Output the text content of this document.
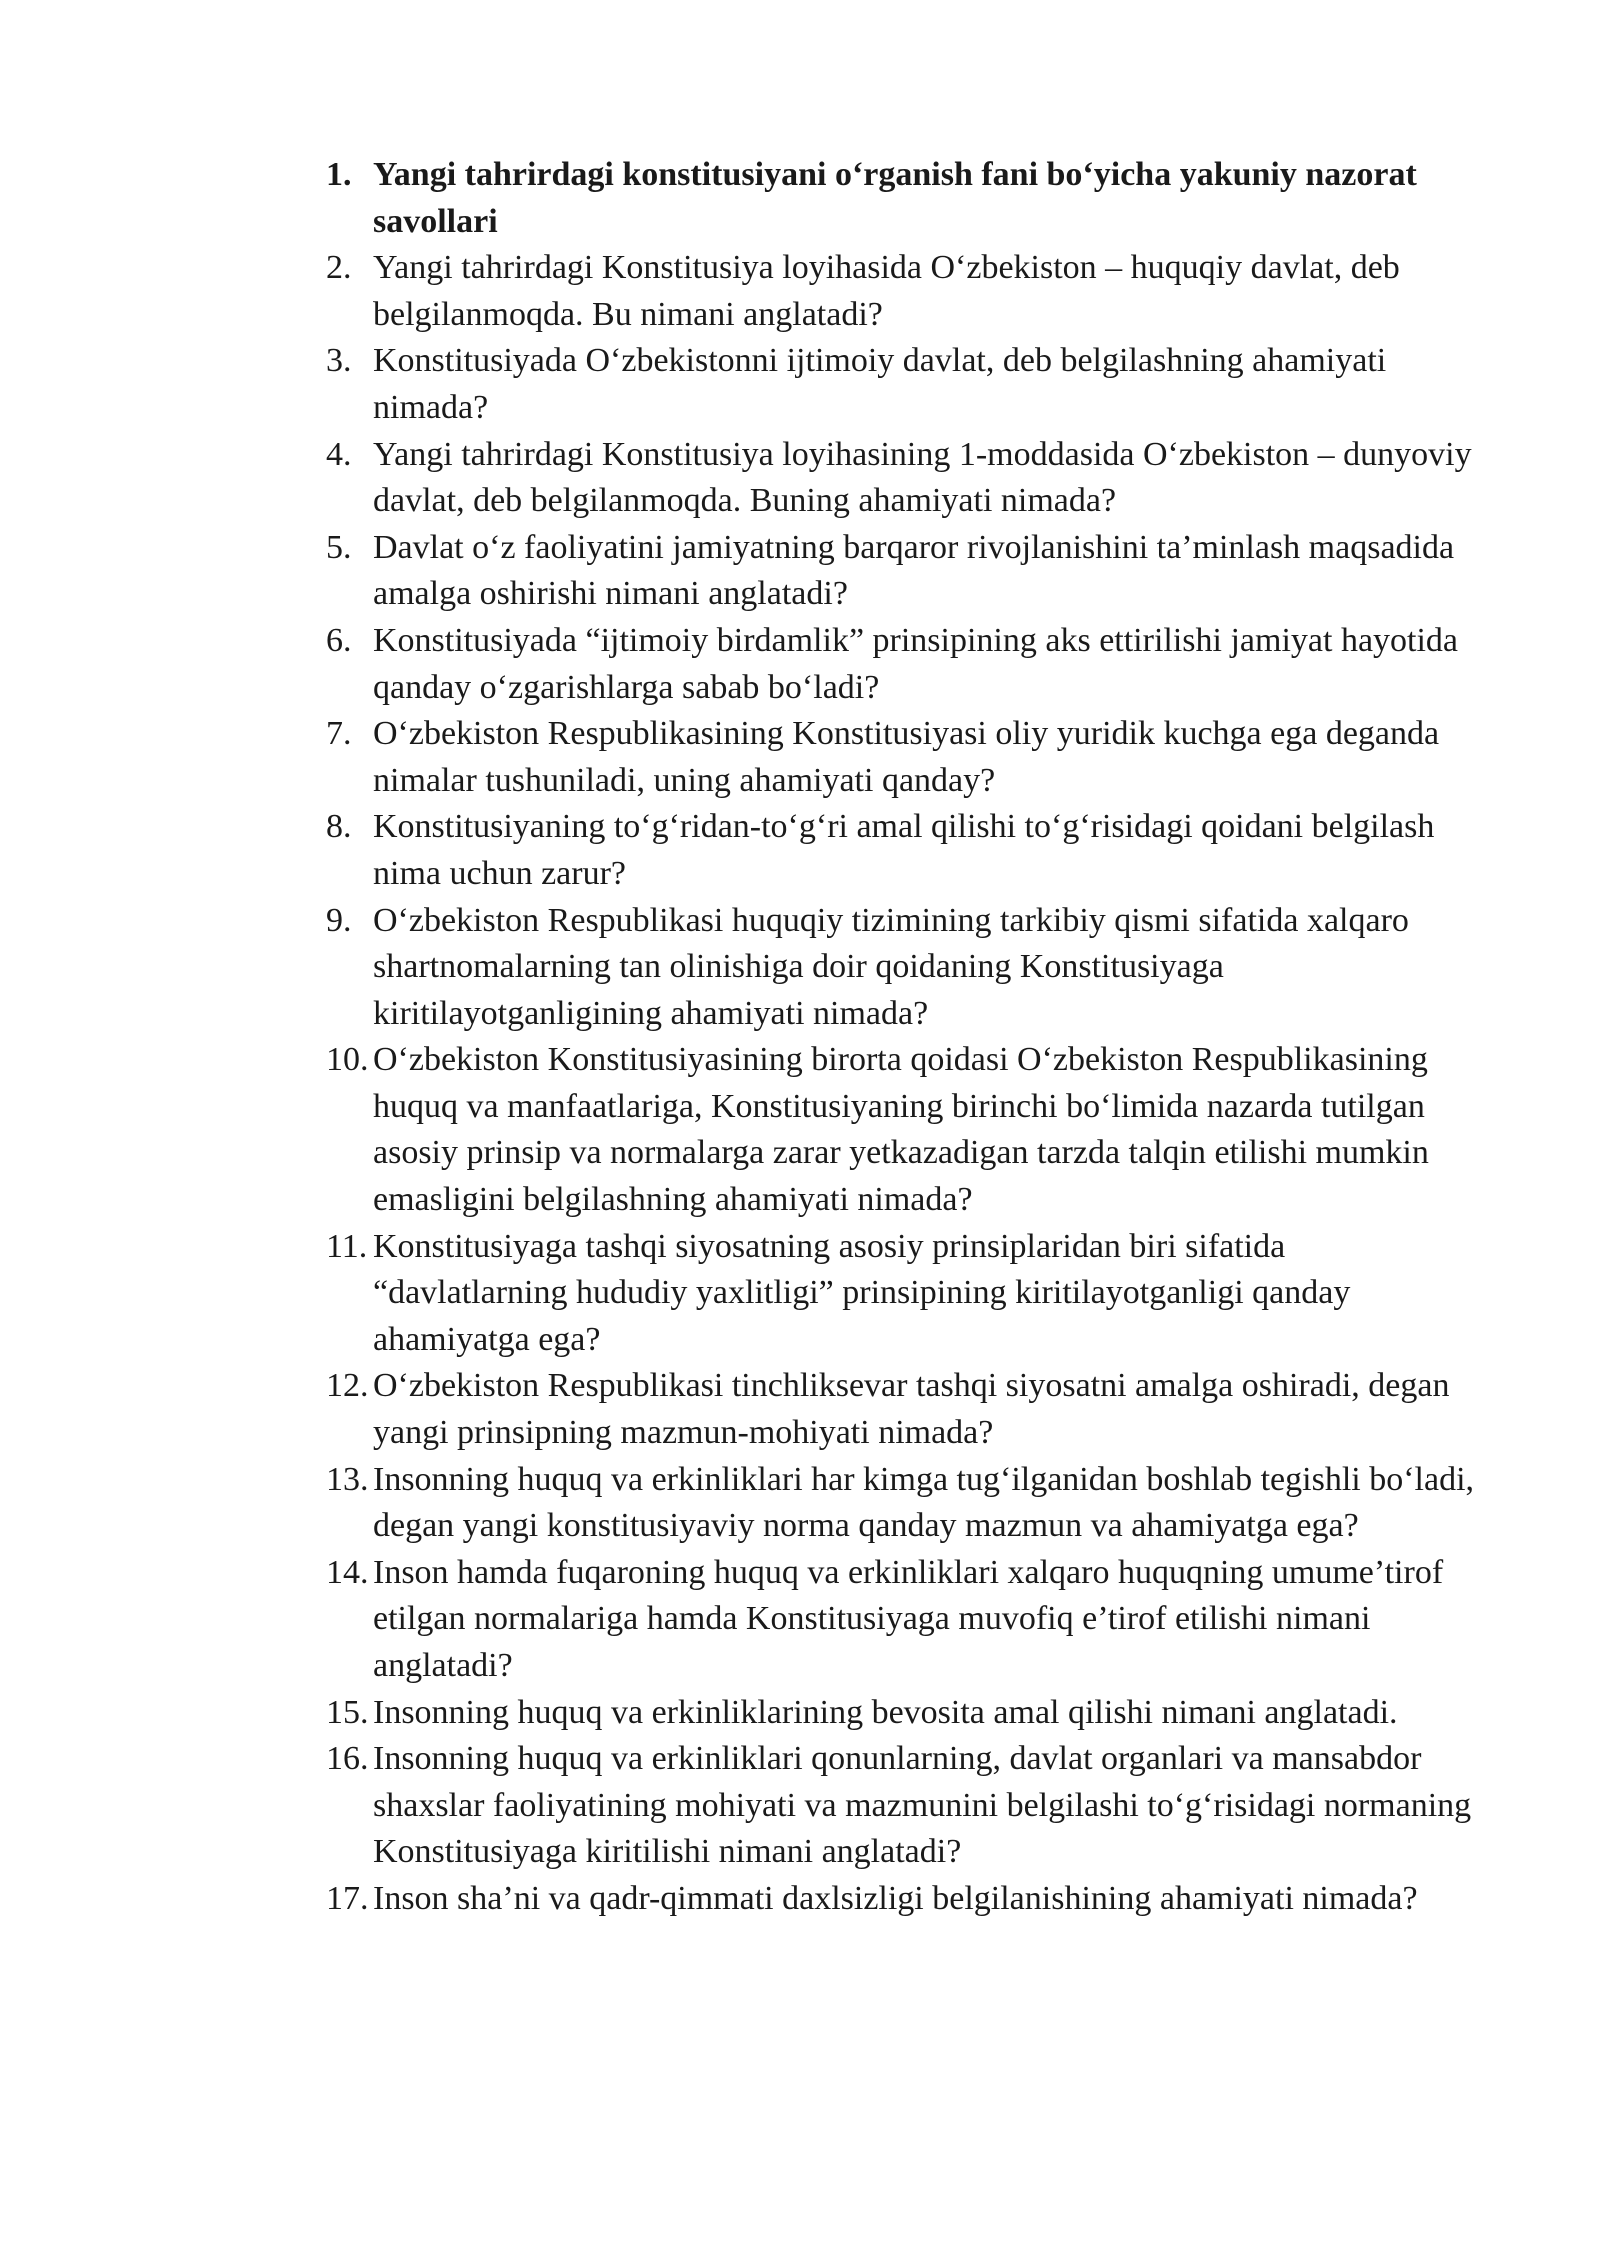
1. Yangi tahrirdagi konstitusiyani o‘rganish fani bo‘yicha yakuniy nazorat savollari
2. Yangi tahrirdagi Konstitusiya loyihasida O‘zbekiston – huquqiy davlat, deb belgilanmoqda. Bu nimani anglatadi?
3. Konstitusiyada O‘zbekistonni ijtimoiy davlat, deb belgilashning ahamiyati nimada?
4. Yangi tahrirdagi Konstitusiya loyihasining 1-moddasida O‘zbekiston – dunyoviy davlat, deb belgilanmoqda. Buning ahamiyati nimada?
5. Davlat o‘z faoliyatini jamiyatning barqaror rivojlanishini ta’minlash maqsadida amalga oshirishi nimani anglatadi?
6. Konstitusiyada “ijtimoiy birdamlik” prinsipining aks ettirilishi jamiyat hayotida qanday o‘zgarishlarga sabab bo‘ladi?
7. O‘zbekiston Respublikasining Konstitusiyasi oliy yuridik kuchga ega deganda nimalar tushuniladi, uning ahamiyati qanday?
8. Konstitusiyaning to‘g‘ridan-to‘g‘ri amal qilishi to‘g‘risidagi qoidani belgilash nima uchun zarur?
9. O‘zbekiston Respublikasi huquqiy tizimining tarkibiy qismi sifatida xalqaro shartnomalarning tan olinishiga doir qoidaning Konstitusiyaga kiritilayotganligining ahamiyati nimada?
10. O‘zbekiston Konstitusiyasining birorta qoidasi O‘zbekiston Respublikasining huquq va manfaatlariga, Konstitusiyaning birinchi bo‘limida nazarda tutilgan asosiy prinsip va normalarga zarar yetkazadigan tarzda talqin etilishi mumkin emasligini belgilashning ahamiyati nimada?
11. Konstitusiyaga tashqi siyosatning asosiy prinsiplaridan biri sifatida “davlatlarning hududiy yaxlitligi” prinsipining kiritilayotganligi qanday ahamiyatga ega?
12. O‘zbekiston Respublikasi tinchliksevar tashqi siyosatni amalga oshiradi, degan yangi prinsipning mazmun-mohiyati nimada?
13. Insonning huquq va erkinliklari har kimga tug‘ilganidan boshlab tegishli bo‘ladi, degan yangi konstitusiyaviy norma qanday mazmun va ahamiyatga ega?
14. Inson hamda fuqaroning huquq va erkinliklari xalqaro huquqning umume’tirof etilgan normalariga hamda Konstitusiyaga muvofiq e’tirof etilishi nimani anglatadi?
15. Insonning huquq va erkinliklarining bevosita amal qilishi nimani anglatadi.
16. Insonning huquq va erkinliklari qonunlarning, davlat organlari va mansabdor shaxslar faoliyatining mohiyati va mazmunini belgilashi to‘g‘risidagi normaning Konstitusiyaga kiritilishi nimani anglatadi?
17. Inson sha’ni va qadr-qimmati daxlsizligi belgilanishining ahamiyati nimada?
